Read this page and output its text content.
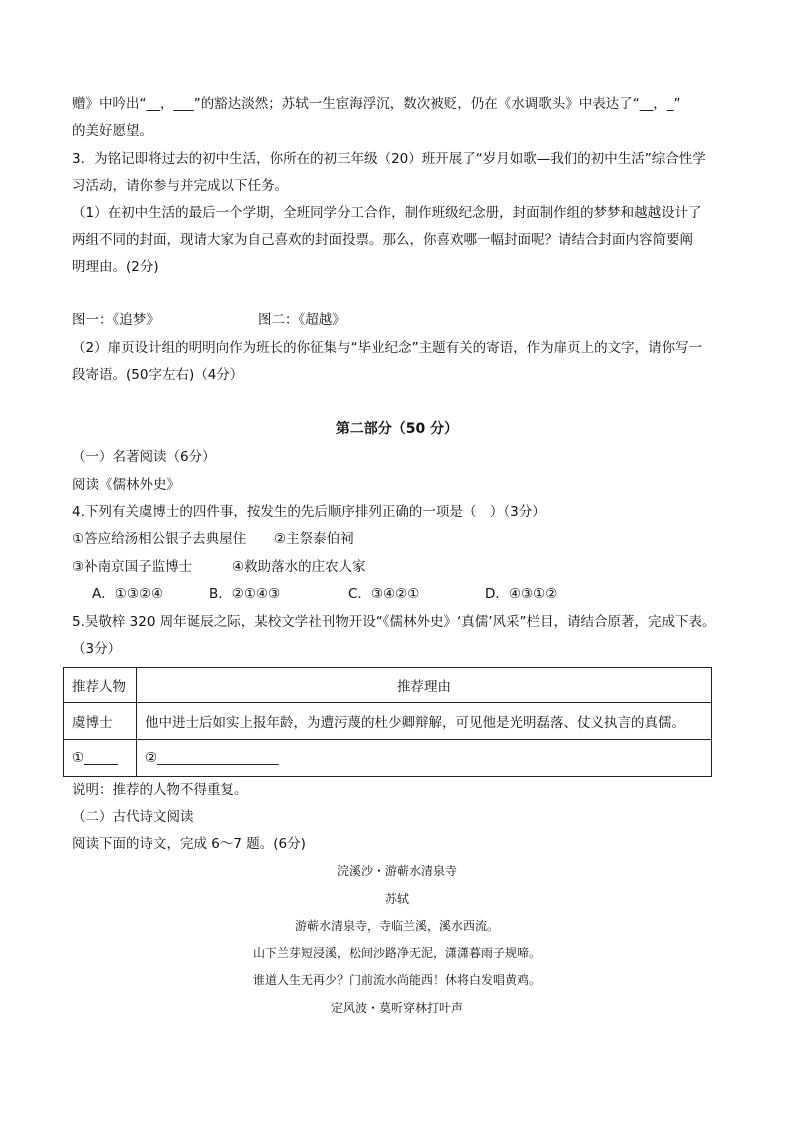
赠》中吟出“__，___”的豁达淡然；苏轼一生宦海浮沉，数次被贬，仍在《水调歌头》中表达了“__，_”
的美好愿望。
3．为铭记即将过去的初中生活，你所在的初三年级（20）班开展了“岁月如歌—我们的初中生活”综合性学
习活动，请你参与并完成以下任务。
（1）在初中生活的最后一个学期，全班同学分工合作，制作班级纪念册，封面制作组的梦梦和越越设计了
两组不同的封面，现请大家为自己喜欢的封面投票。那么，你喜欢哪一幅封面呢？请结合封面内容简要阐
明理由。(2分)
图一：《追梦》	图二：《超越》
（2）扉页设计组的明明向作为班长的你征集与“毕业纪念”主题有关的寄语，作为扉页上的文字，请你写一
段寄语。(50字左右)（4分）
第二部分（50 分）
（一）名著阅读（6分）
阅读《儒林外史》
4.下列有关虞博士的四件事，按发生的先后顺序排列正确的一项是（　）（3分）
①答应给汤相公银子去典屋住 ②主祭泰伯祠
③补南京国子监博士	④救助落水的庄农人家
A．①③②④	B．②①④③	C．③④②①	D．④③①②
5.吴敬梓 320 周年诞辰之际，某校文学社刊物开设“《儒林外史》‘真儒’风采”栏目，请结合原著，完成下表。
（3分）
推荐人物	推荐理由
虞博士	他中进士后如实上报年龄，为遭污蔑的杜少卿辩解，可见他是光明磊落、仗义执言的真儒。
①_____	②__________________
说明：推荐的人物不得重复。
（二）古代诗文阅读
阅读下面的诗文，完成 6～7 题。(6分)
浣溪沙・游蕲水清泉寺
苏轼
游蕲水清泉寺，寺临兰溪，溪水西流。
山下兰芽短浸溪，松间沙路净无泥，潇潇暮雨子规啼。
谁道人生无再少？门前流水尚能西！休将白发唱黄鸡。
定风波・莫听穿林打叶声
